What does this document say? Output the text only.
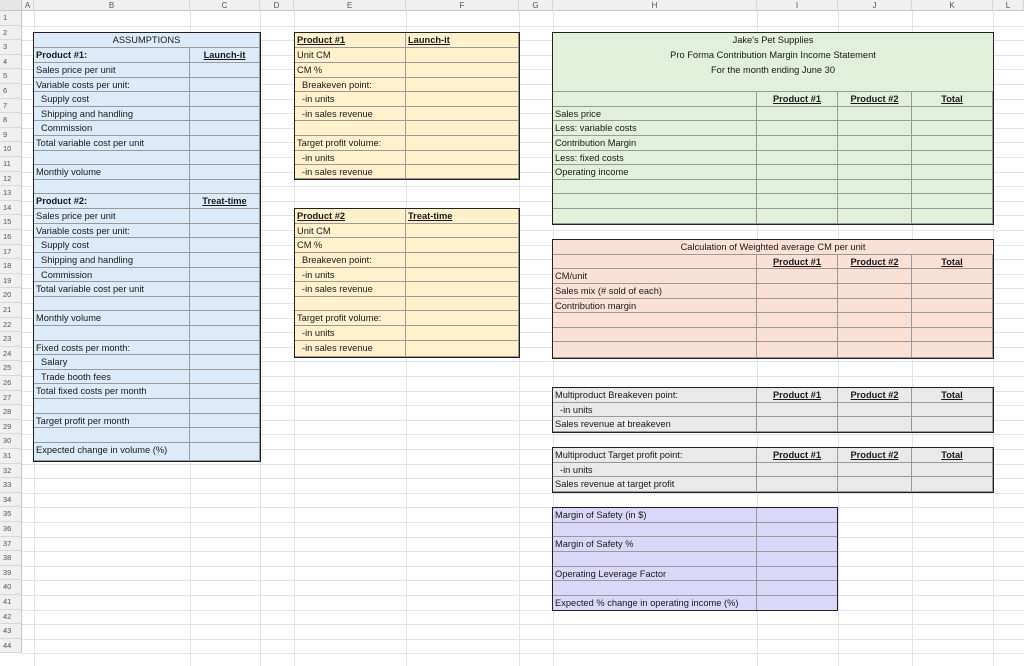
A	B	C	D	E	F	G	H	I	J	K	L
1
2
3
4
5
6
7
8
9
10
11
12
13
14
15
16
17
18
19
20
21
22
23
24
25
26
27
28
29
30
31
32
33
34
35
36
37
38
39
40
41
42
43
44
ASSUMPTIONS
Product #1:	Launch-it
Sales price per unit
Variable costs per unit:
Supply cost
Shipping and handling
Commission
Total variable cost per unit
Monthly volume
Product #2:	Treat-time
Sales price per unit
Variable costs per unit:
Supply cost
Shipping and handling
Commission
Total variable cost per unit
Monthly volume
Fixed costs per month:
Salary
Trade booth fees
Total fixed costs per month
Target profit per month
Expected change in volume (%)
Product #1	Launch-it
Unit CM
CM %
Breakeven point:
-in units
-in sales revenue
Target profit volume:
-in units
-in sales revenue
Product #2	Treat-time
Unit CM
CM %
Breakeven point:
-in units
-in sales revenue
Target profit volume:
-in units
-in sales revenue
Jake's Pet Supplies
Pro Forma Contribution Margin Income Statement
For the month ending June 30
Product #1	Product #2	Total
Sales price
Less: variable costs
Contribution Margin
Less: fixed costs
Operating income
Calculation of Weighted average CM per unit
Product #1	Product #2	Total
CM/unit
Sales mix (# sold of each)
Contribution margin
Multiproduct Breakeven point:	Product #1	Product #2	Total
-in units
Sales revenue at breakeven
Multiproduct Target profit point:	Product #1	Product #2	Total
-in units
Sales revenue at target profit
Margin of Safety (in $)
Margin of Safety %
Operating Leverage Factor
Expected % change in operating income (%)
